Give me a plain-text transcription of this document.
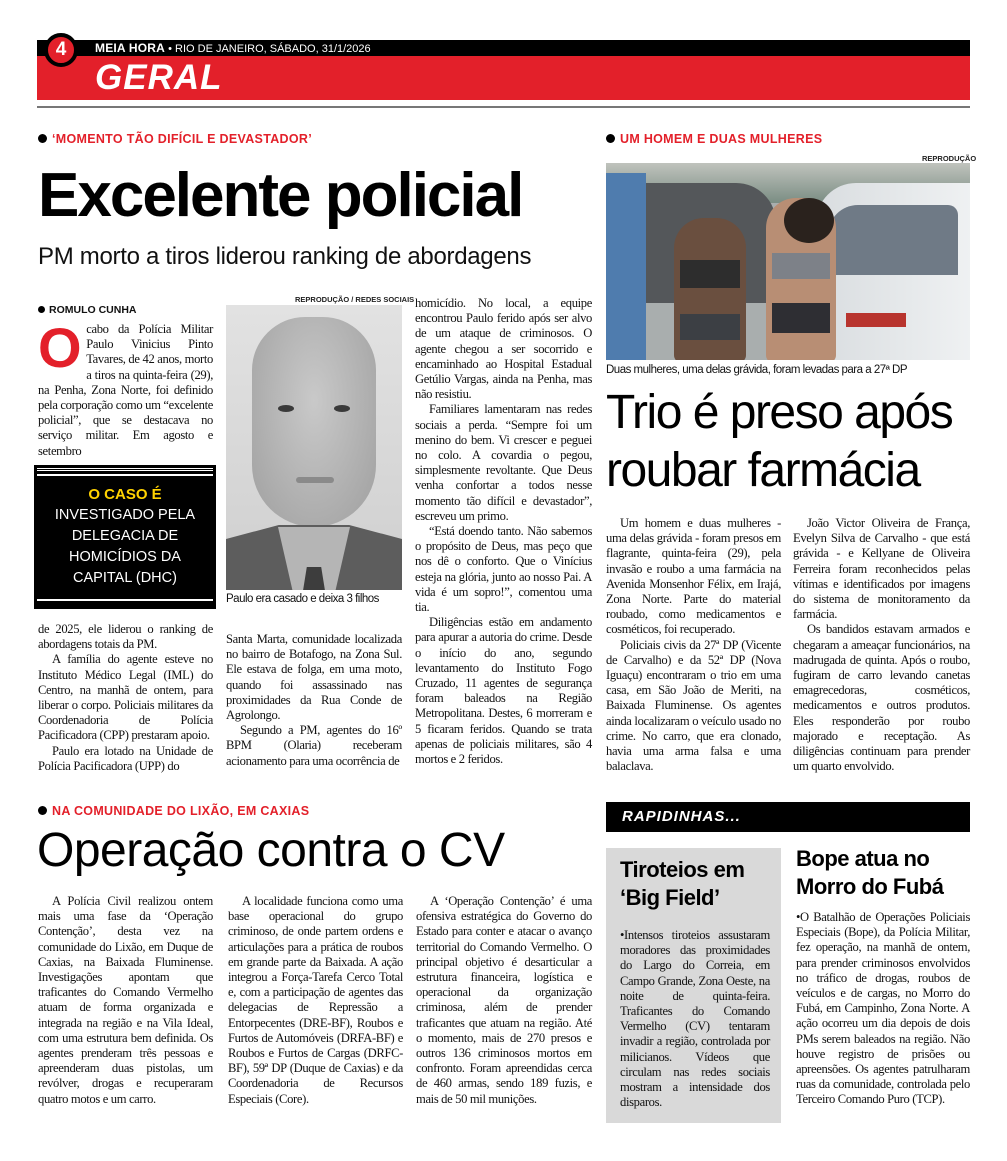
4	MEIA HORA • RIO DE JANEIRO, SÁBADO, 31/1/2026
GERAL
‘MOMENTO TÃO DIFÍCIL E DEVASTADOR’
Excelente policial
PM morto a tiros liderou ranking de abordagens
ROMULO CUNHA

Ocabo da Polícia Militar Paulo Vinicius Pinto Tavares, de 42 anos, morto a tiros na quinta-feira (29), na Penha, Zona Norte, foi definido pela corporação como um “excelente policial”, que se destacava no serviço militar. Em agosto e setembro

O CASO É
INVESTIGADO PELA DELEGACIA DE HOMICÍDIOS DA CAPITAL (DHC)

de 2025, ele liderou o ranking de abordagens totais da PM.

A família do agente esteve no Instituto Médico Legal (IML) do Centro, na manhã de ontem, para liberar o corpo. Policiais militares da Coordenadoria de Polícia Pacificadora (CPP) prestaram apoio.

Paulo era lotado na Unidade de Polícia Pacificadora (UPP) do

REPRODUÇÃO / REDES SOCIAIS
Paulo era casado e deixa 3 filhos

Santa Marta, comunidade localizada no bairro de Botafogo, na Zona Sul. Ele estava de folga, em uma moto, quando foi assassinado nas proximidades da Rua Conde de Agrolongo.

Segundo a PM, agentes do 16º BPM (Olaria) receberam acionamento para uma ocorrência de

homicídio. No local, a equipe encontrou Paulo ferido após ser alvo de um ataque de criminosos. O agente chegou a ser socorrido e encaminhado ao Hospital Estadual Getúlio Vargas, ainda na Penha, mas não resistiu.

Familiares lamentaram nas redes sociais a perda. “Sempre foi um menino do bem. Vi crescer e peguei no colo. A covardia o pegou, simplesmente revoltante. Que Deus venha confortar a todos nesse momento tão difícil e devastador”, escreveu um primo.

“Está doendo tanto. Não sabemos o propósito de Deus, mas peço que nos dê o conforto. Que o Vinícius esteja na glória, junto ao nosso Pai. A vida é um sopro!”, comentou uma tia.

Diligências estão em andamento para apurar a autoria do crime. Desde o início do ano, segundo levantamento do Instituto Fogo Cruzado, 11 agentes de segurança foram baleados na Região Metropolitana. Destes, 6 morreram e 5 ficaram feridos. Quando se trata apenas de policiais militares, são 4 mortos e 2 feridos.

UM HOMEM E DUAS MULHERES
REPRODUÇÃO
Duas mulheres, uma delas grávida, foram levadas para a 27ª DP
Trio é preso após roubar farmácia

Um homem e duas mulheres - uma delas grávida - foram presos em flagrante, quinta-feira (29), pela invasão e roubo a uma farmácia na Avenida Monsenhor Félix, em Irajá, Zona Norte. Parte do material roubado, como medicamentos e cosméticos, foi recuperado.

Policiais civis da 27ª DP (Vicente de Carvalho) e da 52ª DP (Nova Iguaçu) encontraram o trio em uma casa, em São João de Meriti, na Baixada Fluminense. Os agentes ainda localizaram o veículo usado no crime. No carro, que era clonado, havia uma arma falsa e uma balaclava.

João Victor Oliveira de França, Evelyn Silva de Carvalho - que está grávida - e Kellyane de Oliveira Ferreira foram reconhecidos pelas vítimas e identificados por imagens do sistema de monitoramento da farmácia.

Os bandidos estavam armados e chegaram a ameaçar funcionários, na madrugada de quinta. Após o roubo, fugiram de carro levando canetas emagrecedoras, cosméticos, medicamentos e outros produtos. Eles responderão por roubo majorado e receptação. As diligências continuam para prender um quarto envolvido.

NA COMUNIDADE DO LIXÃO, EM CAXIAS
Operação contra o CV

A Polícia Civil realizou ontem mais uma fase da ‘Operação Contenção’, desta vez na comunidade do Lixão, em Duque de Caxias, na Baixada Fluminense. Investigações apontam que traficantes do Comando Vermelho atuam de forma organizada e integrada na região e na Vila Ideal, com uma estrutura bem definida. Os agentes prenderam três pessoas e apreenderam duas pistolas, um revólver, drogas e recuperaram quatro motos e um carro.

A localidade funciona como uma base operacional do grupo criminoso, de onde partem ordens e articulações para a prática de roubos em grande parte da Baixada. A ação integrou a Força-Tarefa Cerco Total e, com a participação de agentes das delegacias de Repressão a Entorpecentes (DRE-BF), Roubos e Furtos de Automóveis (DRFA-BF) e Roubos e Furtos de Cargas (DRFC-BF), 59ª DP (Duque de Caxias) e da Coordenadoria de Recursos Especiais (Core).

A ‘Operação Contenção’ é uma ofensiva estratégica do Governo do Estado para conter e atacar o avanço territorial do Comando Vermelho. O principal objetivo é desarticular a estrutura financeira, logística e operacional da organização criminosa, além de prender traficantes que atuam na região. Até o momento, mais de 270 presos e outros 136 criminosos mortos em confronto. Foram apreendidas cerca de 460 armas, sendo 189 fuzis, e mais de 50 mil munições.

RAPIDINHAS...
Tiroteios em ‘Big Field’
•Intensos tiroteios assustaram moradores das proximidades do Largo do Correia, em Campo Grande, Zona Oeste, na noite de quinta-feira. Traficantes do Comando Vermelho (CV) tentaram invadir a região, controlada por milicianos. Vídeos que circulam nas redes sociais mostram a intensidade dos disparos.
Bope atua no Morro do Fubá
•O Batalhão de Operações Policiais Especiais (Bope), da Polícia Militar, fez operação, na manhã de ontem, para prender criminosos envolvidos no tráfico de drogas, roubos de veículos e de cargas, no Morro do Fubá, em Campinho, Zona Norte. A ação ocorreu um dia depois de dois PMs serem baleados na região. Não houve registro de prisões ou apreensões. Os agentes patrulharam ruas da comunidade, controlada pelo Terceiro Comando Puro (TCP).
